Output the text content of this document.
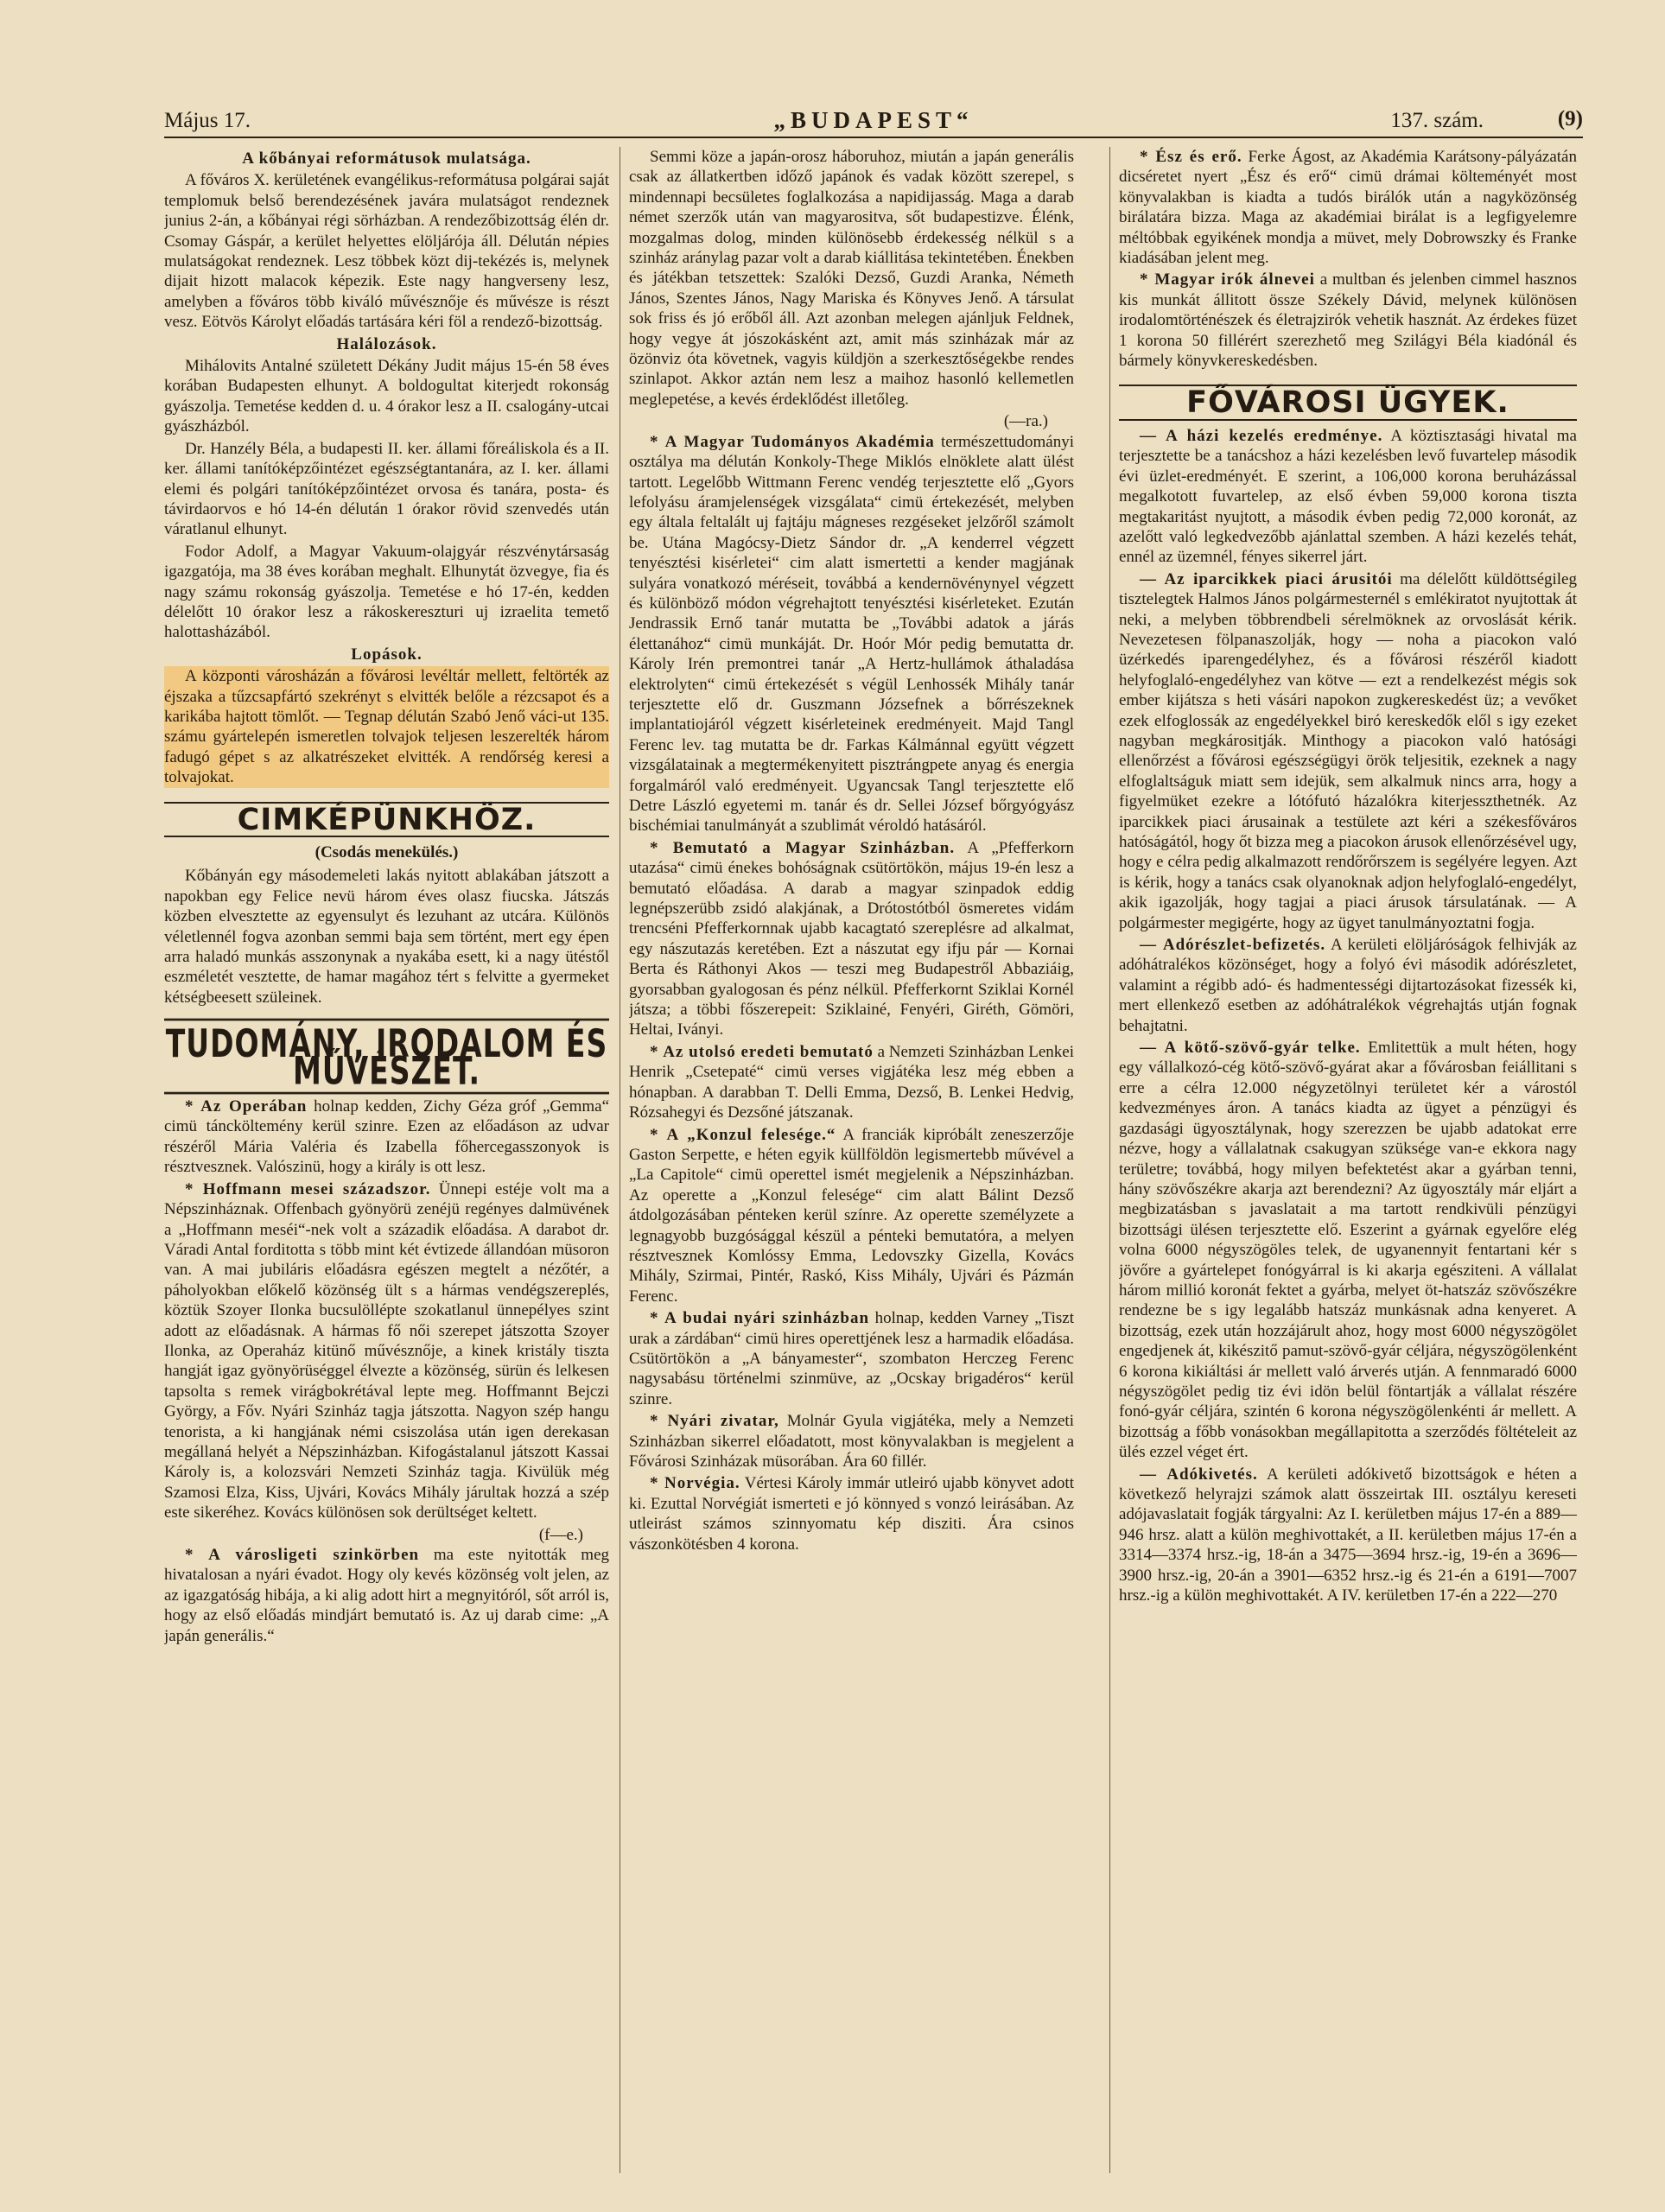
Május 17.	„BUDAPEST“	137. szám.	(9)
A kőbányai reformátusok mulatsága.

A főváros X. kerületének evangélikus-reformátusa polgárai saját templomuk belső berendezésének javára mulatságot rendeznek junius 2-án, a kőbányai régi sörházban. A rendezőbizottság élén dr. Csomay Gáspár, a kerület helyettes elöljárója áll. Délután népies mulatságokat rendeznek. Lesz többek közt dij-tekézés is, melynek dijait hizott malacok képezik. Este nagy hangverseny lesz, amelyben a főváros több kiváló művésznője és művésze is részt vesz. Eötvös Károlyt előadás tartására kéri föl a rendező-bizottság.

Halálozások.

Mihálovits Antalné született Dékány Judit május 15-én 58 éves korában Budapesten elhunyt. A boldogultat kiterjedt rokonság gyászolja. Temetése kedden d. u. 4 órakor lesz a II. csalogány-utcai gyászházból.

Dr. Hanzély Béla, a budapesti II. ker. állami főreáliskola és a II. ker. állami tanítóképzőintézet egészségtantanára, az I. ker. állami elemi és polgári tanítóképzőintézet orvosa és tanára, posta- és távirdaorvos e hó 14-én délután 1 órakor rövid szenvedés után váratlanul elhunyt.

Fodor Adolf, a Magyar Vakuum-olajgyár részvénytársaság igazgatója, ma 38 éves korában meghalt. Elhunytát özvegye, fia és nagy számu rokonság gyászolja. Temetése e hó 17-én, kedden délelőtt 10 órakor lesz a rákoskereszturi uj izraelita temető halottasházából.

Lopások.

A központi városházán a fővárosi levéltár mellett, feltörték az éjszaka a tűzcsapfártó szekrényt s elvitték belőle a rézcsapot és a karikába hajtott tömlőt. — Tegnap délután Szabó Jenő váci-ut 135. számu gyártelepén ismeretlen tolvajok teljesen leszerelték három fadugó gépet s az alkatrészeket elvitték. A rendőrség keresi a tolvajokat.

CIMKÉPÜNKHÖZ.
(Csodás menekülés.)

Kőbányán egy másodemeleti lakás nyitott ablakában játszott a napokban egy Felice nevü három éves olasz fiucska. Játszás közben elvesztette az egyensulyt és lezuhant az utcára. Különös véletlennél fogva azonban semmi baja sem történt, mert egy épen arra haladó munkás asszonynak a nyakába esett, ki a nagy ütéstől eszméletét vesztette, de hamar magához tért s felvitte a gyermeket kétségbeesett szüleinek.

TUDOMÁNY, IRODALOM ÉS MŰVÉSZET.

* Az Operában holnap kedden, Zichy Géza gróf „Gemma“ cimü táncköltemény kerül szinre. Ezen az előadáson az udvar részéről Mária Valéria és Izabella főhercegasszonyok is résztvesznek. Valószinü, hogy a király is ott lesz.

* Hoffmann mesei századszor. Ünnepi estéje volt ma a Népszinháznak. Offenbach gyönyörü zenéjü regényes dalmüvének a „Hoffmann meséi“-nek volt a századik előadása. A darabot dr. Váradi Antal forditotta s több mint két évtizede állandóan müsoron van. A mai jubiláris előadásra egészen megtelt a nézőtér, a páholyokban előkelő közönség ült s a hármas vendégszereplés, köztük Szoyer Ilonka bucsulöllépte szokatlanul ünnepélyes szint adott az előadásnak. A hármas fő női szerepet játszotta Szoyer Ilonka, az Operaház kitünő művésznője, a kinek kristály tiszta hangját igaz gyönyörüséggel élvezte a közönség, sürün és lelkesen tapsolta s remek virágbokrétával lepte meg. Hoffmannt Bejczi György, a Főv. Nyári Szinház tagja játszotta. Nagyon szép hangu tenorista, a ki hangjának némi csiszolása után igen derekasan megállaná helyét a Népszinházban. Kifogástalanul játszott Kassai Károly is, a kolozsvári Nemzeti Szinház tagja. Kivülük még Szamosi Elza, Kiss, Ujvári, Kovács Mihály járultak hozzá a szép este sikeréhez. Kovács különösen sok derültséget keltett.

(f—e.)

* A városligeti szinkörben ma este nyitották meg hivatalosan a nyári évadot. Hogy oly kevés közönség volt jelen, az az igazgatóság hibája, a ki alig adott hirt a megnyitóról, sőt arról is, hogy az első előadás mindjárt bemutató is. Az uj darab cime: „A japán generális.“

Semmi köze a japán-orosz háboruhoz, miután a japán generális csak az állatkertben időző japánok és vadak között szerepel, s mindennapi becsületes foglalkozása a napidijasság. Maga a darab német szerzők után van magyarositva, sőt budapestizve. Élénk, mozgalmas dolog, minden különösebb érdekesség nélkül s a szinház aránylag pazar volt a darab kiállitása tekintetében. Énekben és játékban tetszettek: Szalóki Dezső, Guzdi Aranka, Németh János, Szentes János, Nagy Mariska és Könyves Jenő. A társulat sok friss és jó erőből áll. Azt azonban melegen ajánljuk Feldnek, hogy vegye át jószokásként azt, amit más szinházak már az özönviz óta követnek, vagyis küldjön a szerkesztőségekbe rendes szinlapot. Akkor aztán nem lesz a maihoz hasonló kellemetlen meglepetése, a kevés érdeklődést illetőleg.

(—ra.)

* A Magyar Tudományos Akadémia természettudományi osztálya ma délután Konkoly-Thege Miklós elnöklete alatt ülést tartott. Legelőbb Wittmann Ferenc vendég terjesztette elő „Gyors lefolyásu áramjelenségek vizsgálata“ cimü értekezését, melyben egy általa feltalált uj fajtáju mágneses rezgéseket jelzőről számolt be. Utána Magócsy-Dietz Sándor dr. „A kenderrel végzett tenyésztési kisérletei“ cim alatt ismertetti a kender magjának sulyára vonatkozó méréseit, továbbá a kendernövénynyel végzett és különböző módon végrehajtott tenyésztési kisérleteket. Ezután Jendrassik Ernő tanár mutatta be „További adatok a járás élettanához“ cimü munkáját. Dr. Hoór Mór pedig bemutatta dr. Károly Irén premontrei tanár „A Hertz-hullámok áthaladása elektrolyten“ cimü értekezését s végül Lenhossék Mihály tanár terjesztette elő dr. Guszmann Józsefnek a bőrrészeknek implantatiojáról végzett kisérleteinek eredményeit. Majd Tangl Ferenc lev. tag mutatta be dr. Farkas Kálmánnal együtt végzett vizsgálatainak a megtermékenyitett pisztrángpete anyag és energia forgalmáról való eredményeit. Ugyancsak Tangl terjesztette elő Detre László egyetemi m. tanár és dr. Sellei József bőrgyógyász bischémiai tanulmányát a szublimát véroldó hatásáról.

* Bemutató a Magyar Szinházban. A „Pfefferkorn utazása“ cimü énekes bohóságnak csütörtökön, május 19-én lesz a bemutató előadása. A darab a magyar szinpadok eddig legnépszerübb zsidó alakjának, a Drótostótból ösmeretes vidám trencséni Pfefferkornnak ujabb kacagtató szereplésre ad alkalmat, egy nászutazás keretében. Ezt a nászutat egy ifju pár — Kornai Berta és Ráthonyi Akos — teszi meg Budapestről Abbaziáig, gyorsabban gyalogosan és pénz nélkül. Pfefferkornt Sziklai Kornél játsza; a többi főszerepeit: Sziklainé, Fenyéri, Giréth, Gömöri, Heltai, Iványi.

* Az utolsó eredeti bemutató a Nemzeti Szinházban Lenkei Henrik „Csetepaté“ cimü verses vigjátéka lesz még ebben a hónapban. A darabban T. Delli Emma, Dezső, B. Lenkei Hedvig, Rózsahegyi és Dezsőné játszanak.

* A „Konzul felesége.“ A franciák kipróbált zeneszerzője Gaston Serpette, e héten egyik küllföldön legismertebb művével a „La Capitole“ cimü operettel ismét megjelenik a Népszinházban. Az operette a „Konzul felesége“ cim alatt Bálint Dezső átdolgozásában pénteken kerül színre. Az operette személyzete a legnagyobb buzgósággal készül a pénteki bemutatóra, a melyen résztvesznek Komlóssy Emma, Ledovszky Gizella, Kovács Mihály, Szirmai, Pintér, Raskó, Kiss Mihály, Ujvári és Pázmán Ferenc.

* A budai nyári szinházban holnap, kedden Varney „Tiszt urak a zárdában“ cimü hires operettjének lesz a harmadik előadása. Csütörtökön a „A bányamester“, szombaton Herczeg Ferenc nagysabásu történelmi szinmüve, az „Ocskay brigadéros“ kerül szinre.

* Nyári zivatar, Molnár Gyula vigjátéka, mely a Nemzeti Szinházban sikerrel előadatott, most könyvalakban is megjelent a Fővárosi Szinházak müsorában. Ára 60 fillér.

* Norvégia. Vértesi Károly immár utleiró ujabb könyvet adott ki. Ezuttal Norvégiát ismerteti e jó könnyed s vonzó leirásában. Az utleirást számos szinnyomatu kép disziti. Ára csinos vászonkötésben 4 korona.

* Ész és erő. Ferke Ágost, az Akadémia Karátsony-pályázatán dicséretet nyert „Ész és erő“ cimü drámai költeményét most könyvalakban is kiadta a tudós birálók után a nagyközönség birálatára bizza. Maga az akadémiai birálat is a legfigyelemre méltóbbak egyikének mondja a müvet, mely Dobrowszky és Franke kiadásában jelent meg.

* Magyar irók álnevei a multban és jelenben cimmel hasznos kis munkát állitott össze Székely Dávid, melynek különösen irodalomtörténészek és életrajzirók vehetik hasznát. Az érdekes füzet 1 korona 50 fillérért szerezhető meg Szilágyi Béla kiadónál és bármely könyvkereskedésben.

FŐVÁROSI ÜGYEK.

— A házi kezelés eredménye. A köztisztasági hivatal ma terjesztette be a tanácshoz a házi kezelésben levő fuvartelep második évi üzlet-eredményét. E szerint, a 106,000 korona beruházással megalkotott fuvartelep, az első évben 59,000 korona tiszta megtakaritást nyujtott, a második évben pedig 72,000 koronát, az azelőtt való legkedvezőbb ajánlattal szemben. A házi kezelés tehát, ennél az üzemnél, fényes sikerrel járt.

— Az iparcikkek piaci árusitói ma délelőtt küldöttségileg tisztelegtek Halmos János polgármesternél s emlékiratot nyujtottak át neki, a melyben többrendbeli sérelmöknek az orvoslását kérik. Nevezetesen fölpanaszolják, hogy — noha a piacokon való üzérkedés iparengedélyhez, és a fővárosi részéről kiadott helyfoglaló-engedélyhez van kötve — ezt a rendelkezést mégis sok ember kijátsza s heti vásári napokon zugkereskedést üz; a vevőket ezek elfoglossák az engedélyekkel biró kereskedők elől s igy ezeket nagyban megkárositják. Minthogy a piacokon való hatósági ellenőrzést a fővárosi egészségügyi örök teljesitik, ezeknek a nagy elfoglaltságuk miatt sem idejük, sem alkalmuk nincs arra, hogy a figyelmüket ezekre a lótófutó házalókra kiterjesszthetnék. Az iparcikkek piaci árusainak a testülete azt kéri a székesfőváros hatóságától, hogy őt bizza meg a piacokon árusok ellenőrzésével ugy, hogy e célra pedig alkalmazott rendőrőrszem is segélyére legyen. Azt is kérik, hogy a tanács csak olyanoknak adjon helyfoglaló-engedélyt, akik igazolják, hogy tagjai a piaci árusok társulatának. — A polgármester megigérte, hogy az ügyet tanulmányoztatni fogja.

— Adórészlet-befizetés. A kerületi elöljáróságok felhivják az adóhátralékos közönséget, hogy a folyó évi második adórészletet, valamint a régibb adó- és hadmentességi dijtartozásokat fizessék ki, mert ellenkező esetben az adóhátralékok végrehajtás utján fognak behajtatni.

— A kötő-szövő-gyár telke. Emlitettük a mult héten, hogy egy vállalkozó-cég kötő-szövő-gyárat akar a fővárosban feiállitani s erre a célra 12.000 négyzetölnyi területet kér a várostól kedvezményes áron. A tanács kiadta az ügyet a pénzügyi és gazdasági ügyosztálynak, hogy szerezzen be ujabb adatokat erre nézve, hogy a vállalatnak csakugyan szüksége van-e ekkora nagy területre; továbbá, hogy milyen befektetést akar a gyárban tenni, hány szövőszékre akarja azt berendezni? Az ügyosztály már eljárt a megbizatásban s javaslatait a ma tartott rendkivüli pénzügyi bizottsági ülésen terjesztette elő. Eszerint a gyárnak egyelőre elég volna 6000 négyszögöles telek, de ugyanennyit fentartani kér s jövőre a gyártelepet fonógyárral is ki akarja egésziteni. A vállalat három millió koronát fektet a gyárba, melyet öt-hatszáz szövőszékre rendezne be s igy legalább hatszáz munkásnak adna kenyeret. A bizottság, ezek után hozzájárult ahoz, hogy most 6000 négyszögölet engedjenek át, kikészitő pamut-szövő-gyár céljára, négyszögölenként 6 korona kikiáltási ár mellett való árverés utján. A fennmaradó 6000 négyszögölet pedig tiz évi idön belül föntartják a vállalat részére fonó-gyár céljára, szintén 6 korona négyszögölenkénti ár mellett. A bizottság a főbb vonásokban megállapitotta a szerződés föltételeit az ülés ezzel véget ért.

— Adókivetés. A kerületi adókivető bizottságok e héten a következő helyrajzi számok alatt összeirtak III. osztályu kereseti adójavaslatait fogják tárgyalni: Az I. kerületben május 17-én a 889—946 hrsz. alatt a külön meghivottakét, a II. kerületben május 17-én a 3314—3374 hrsz.-ig, 18-án a 3475—3694 hrsz.-ig, 19-én a 3696—3900 hrsz.-ig, 20-án a 3901—6352 hrsz.-ig és 21-én a 6191—7007 hrsz.-ig a külön meghivottakét. A IV. kerületben 17-én a 222—270
